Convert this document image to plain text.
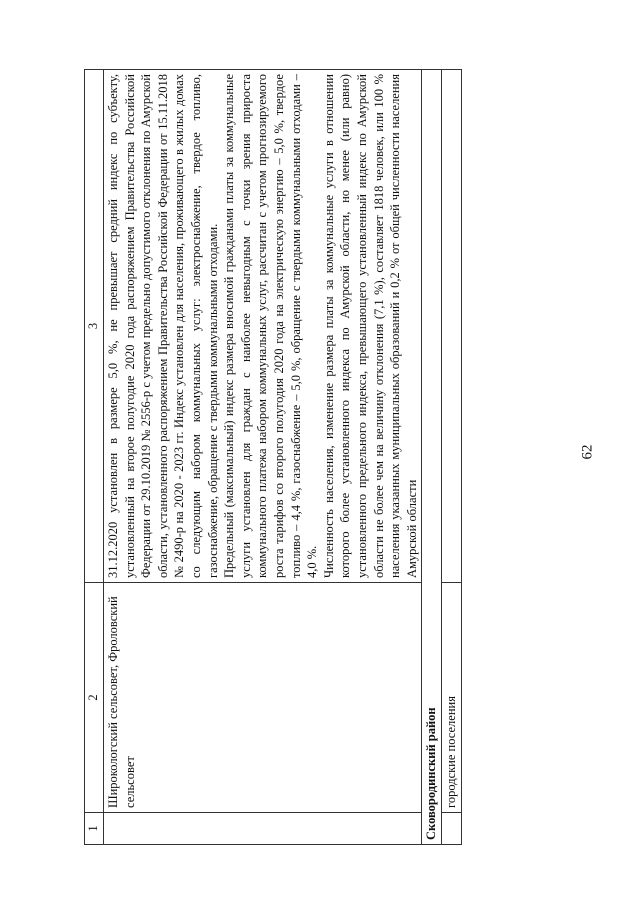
62
1	2	3
	Широкологский сельсовет, Фроловский сельсовет	31.12.2020 установлен в размере 5,0 %, не превышает средний индекс по субъекту, установленный на второе полугодие 2020 года распоряжением Правительства Российской Федерации от 29.10.2019 № 2556-р с учетом предельно допустимого отклонения по Амурской области, установленного распоряжением Правительства Российской Федерации от 15.11.2018 № 2490-р на 2020 - 2023 гг. Индекс установлен для населения, проживающего в жилых домах со следующим набором коммунальных услуг: электроснабжение, твердое топливо, газоснабжение, обращение с твердыми коммунальными отходами. Предельный (максимальный) индекс размера вносимой гражданами платы за коммунальные услуги установлен для граждан с наиболее невыгодным с точки зрения прироста коммунального платежа набором коммунальных услуг, рассчитан с учетом прогнозируемого роста тарифов со второго полугодия 2020 года на электрическую энергию – 5,0 %, твердое топливо – 4,4 %, газоснабжение – 5,0 %, обращение с твердыми коммунальными отходами – 4,0 %. Численность населения, изменение размера платы за коммунальные услуги в отношении которого более установленного индекса по Амурской области, но менее (или равно) установленного предельного индекса, превышающего установленный индекс по Амурской области не более чем на величину отклонения (7,1 %), составляет 1818 человек, или 100 % населения указанных муниципальных образований и 0,2 % от общей численности населения Амурской области

Сковородинский район		
	городские поселения	
